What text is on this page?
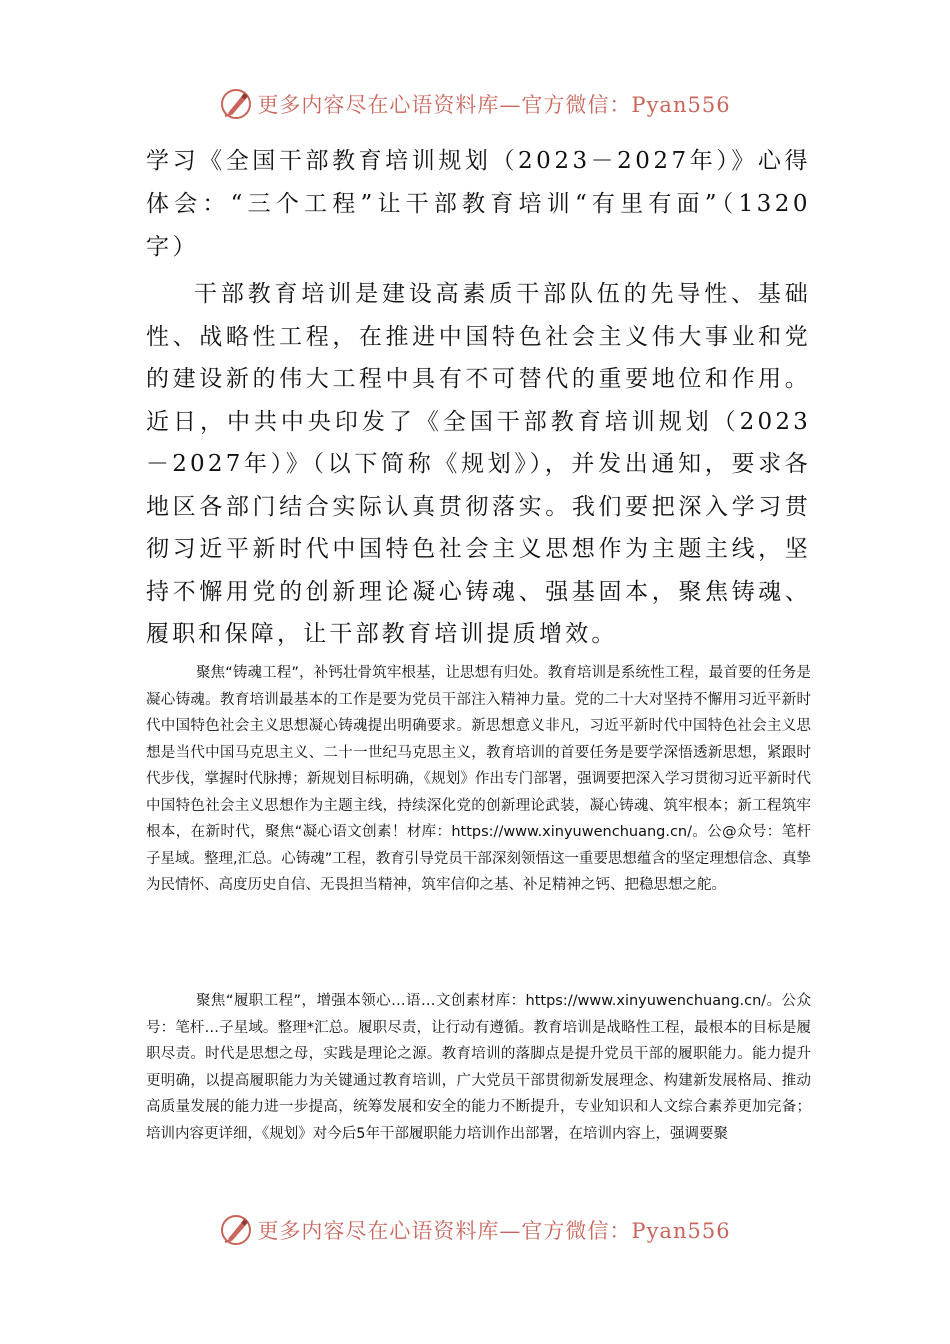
更多内容尽在心语资料库—官方微信：Pyan556
学习《全国干部教育培训规划（2023－2027年）》心得体会：“三个工程”让干部教育培训“有里有面”（1320字）

干部教育培训是建设高素质干部队伍的先导性、基础性、战略性工程，在推进中国特色社会主义伟大事业和党的建设新的伟大工程中具有不可替代的重要地位和作用。近日，中共中央印发了《全国干部教育培训规划（2023－2027年）》（以下简称《规划》），并发出通知，要求各地区各部门结合实际认真贯彻落实。我们要把深入学习贯彻习近平新时代中国特色社会主义思想作为主题主线，坚持不懈用党的创新理论凝心铸魂、强基固本，聚焦铸魂、履职和保障，让干部教育培训提质增效。

聚焦“铸魂工程”，补钙壮骨筑牢根基，让思想有归处。教育培训是系统性工程，最首要的任务是凝心铸魂。教育培训最基本的工作是要为党员干部注入精神力量。党的二十大对坚持不懈用习近平新时代中国特色社会主义思想凝心铸魂提出明确要求。新思想意义非凡，习近平新时代中国特色社会主义思想是当代中国马克思主义、二十一世纪马克思主义，教育培训的首要任务是要学深悟透新思想，紧跟时代步伐，掌握时代脉搏；新规划目标明确，《规划》作出专门部署，强调要把深入学习贯彻习近平新时代中国特色社会主义思想作为主题主线，持续深化党的创新理论武装，凝心铸魂、筑牢根本；新工程筑牢根本，在新时代，聚焦“凝心语文创素！材库：https://www.xinyuwenchuang.cn/。公@众号：笔杆子星域。整理,汇总。心铸魂”工程，教育引导党员干部深刻领悟这一重要思想蕴含的坚定理想信念、真挚为民情怀、高度历史自信、无畏担当精神，筑牢信仰之基、补足精神之钙、把稳思想之舵。

聚焦“履职工程”，增强本领心…语…文创素材库：https://www.xinyuwenchuang.cn/。公众号：笔杆…子星域。整理*汇总。履职尽责，让行动有遵循。教育培训是战略性工程，最根本的目标是履职尽责。时代是思想之母，实践是理论之源。教育培训的落脚点是提升党员干部的履职能力。能力提升更明确，以提高履职能力为关键通过教育培训，广大党员干部贯彻新发展理念、构建新发展格局、推动高质量发展的能力进一步提高，统筹发展和安全的能力不断提升，专业知识和人文综合素养更加完备；培训内容更详细，《规划》对今后5年干部履职能力培训作出部署，在培训内容上，强调要聚

更多内容尽在心语资料库—官方微信：Pyan556
